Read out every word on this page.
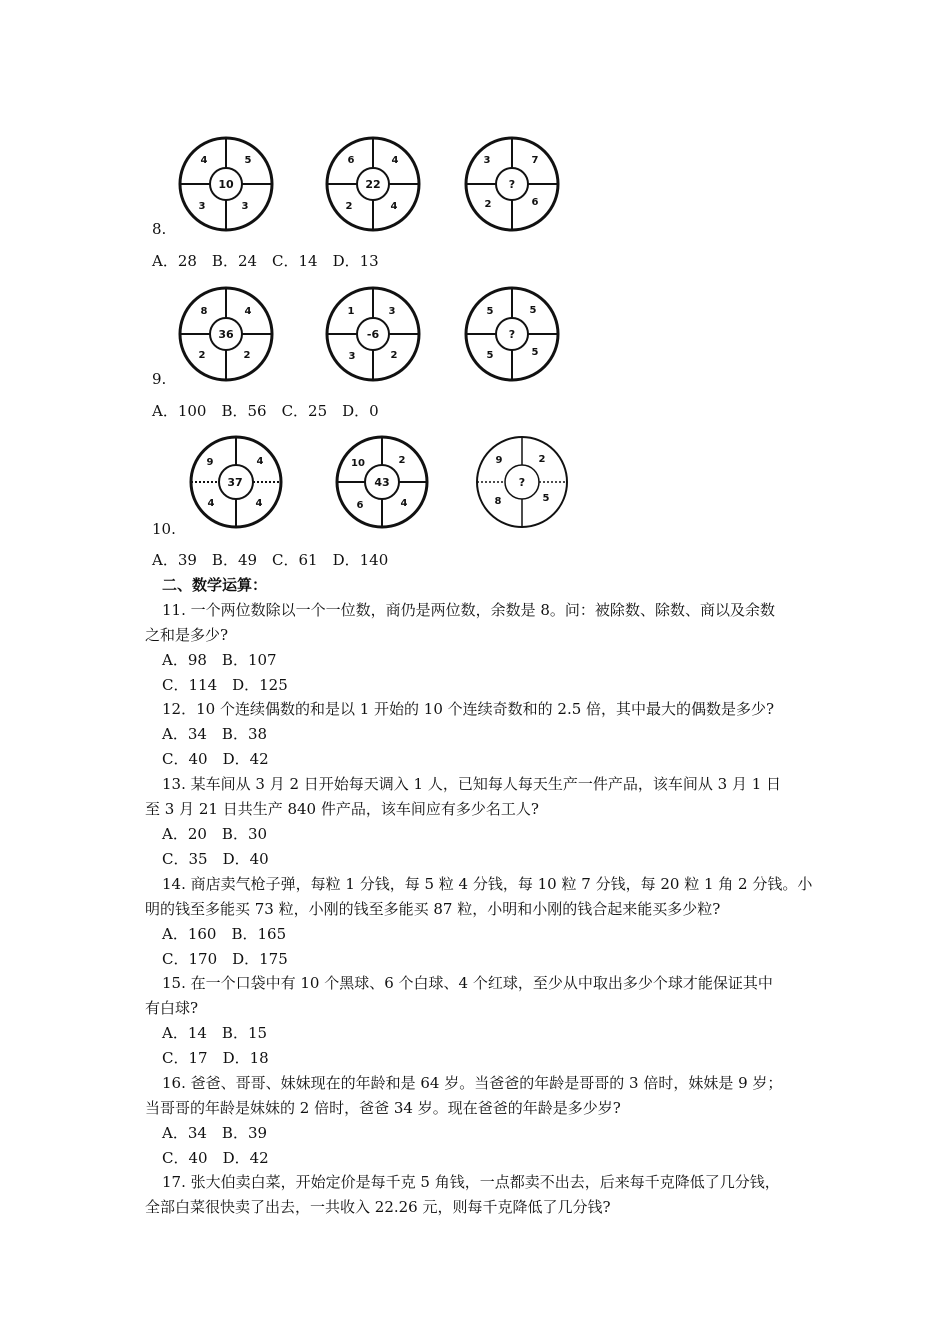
10
4	5
3	3
22
6	4
2	4
?
3	7
2	6
8.
A．28　B．24　C．14　D．13
36
8	4
2	2
-6
1	3
3	2
?
5	5
5	5
9.
A．100　B．56　C．25　D．0
37
9	4
4	4
43
10	2
6	4
?
9	2
8	5
10.
A．39　B．49　C．61　D．140
二、数学运算：
11. 一个两位数除以一个一位数，商仍是两位数，余数是 8。问：被除数、除数、商以及余数
之和是多少?
A．98　B．107
C．114　D．125
12．10 个连续偶数的和是以 1 开始的 10 个连续奇数和的 2.5 倍，其中最大的偶数是多少?
A．34　B．38
C．40　D．42
13. 某车间从 3 月 2 日开始每天调入 1 人，已知每人每天生产一件产品，该车间从 3 月 1 日
至 3 月 21 日共生产 840 件产品，该车间应有多少名工人?
A．20　B．30
C．35　D．40
14. 商店卖气枪子弹，每粒 1 分钱，每 5 粒 4 分钱，每 10 粒 7 分钱，每 20 粒 1 角 2 分钱。小
明的钱至多能买 73 粒，小刚的钱至多能买 87 粒，小明和小刚的钱合起来能买多少粒?
A．160　B．165
C．170　D．175
15. 在一个口袋中有 10 个黑球、6 个白球、4 个红球，至少从中取出多少个球才能保证其中
有白球?
A．14　B．15
C．17　D．18
16. 爸爸、哥哥、妹妹现在的年龄和是 64 岁。当爸爸的年龄是哥哥的 3 倍时，妹妹是 9 岁；
当哥哥的年龄是妹妹的 2 倍时，爸爸 34 岁。现在爸爸的年龄是多少岁?
A．34　B．39
C．40　D．42
17. 张大伯卖白菜，开始定价是每千克 5 角钱，一点都卖不出去，后来每千克降低了几分钱，
全部白菜很快卖了出去，一共收入 22.26 元，则每千克降低了几分钱?
